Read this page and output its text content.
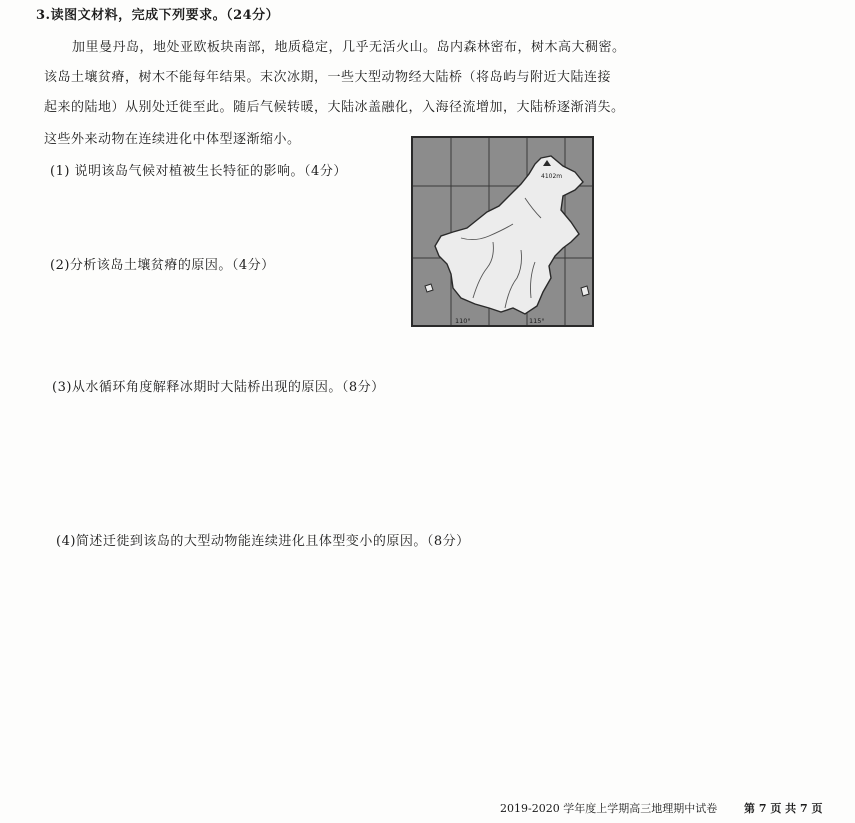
3.读图文材料，完成下列要求。（24分）
加里曼丹岛，地处亚欧板块南部，地质稳定，几乎无活火山。岛内森林密布，树木高大稠密。
该岛土壤贫瘠，树木不能每年结果。末次冰期，一些大型动物经大陆桥（将岛屿与附近大陆连接
起来的陆地）从别处迁徙至此。随后气候转暖，大陆冰盖融化，入海径流增加，大陆桥逐渐消失。
这些外来动物在连续进化中体型逐渐缩小。
(1) 说明该岛气候对植被生长特征的影响。（4分）
(2)分析该岛土壤贫瘠的原因。（4分）
(3)从水循环角度解释冰期时大陆桥出现的原因。（8分）
(4)简述迁徙到该岛的大型动物能连续进化且体型变小的原因。（8分）
4102m
110°	115°
2019-2020 学年度上学期高三地理期中试卷 第 7 页 共 7 页
